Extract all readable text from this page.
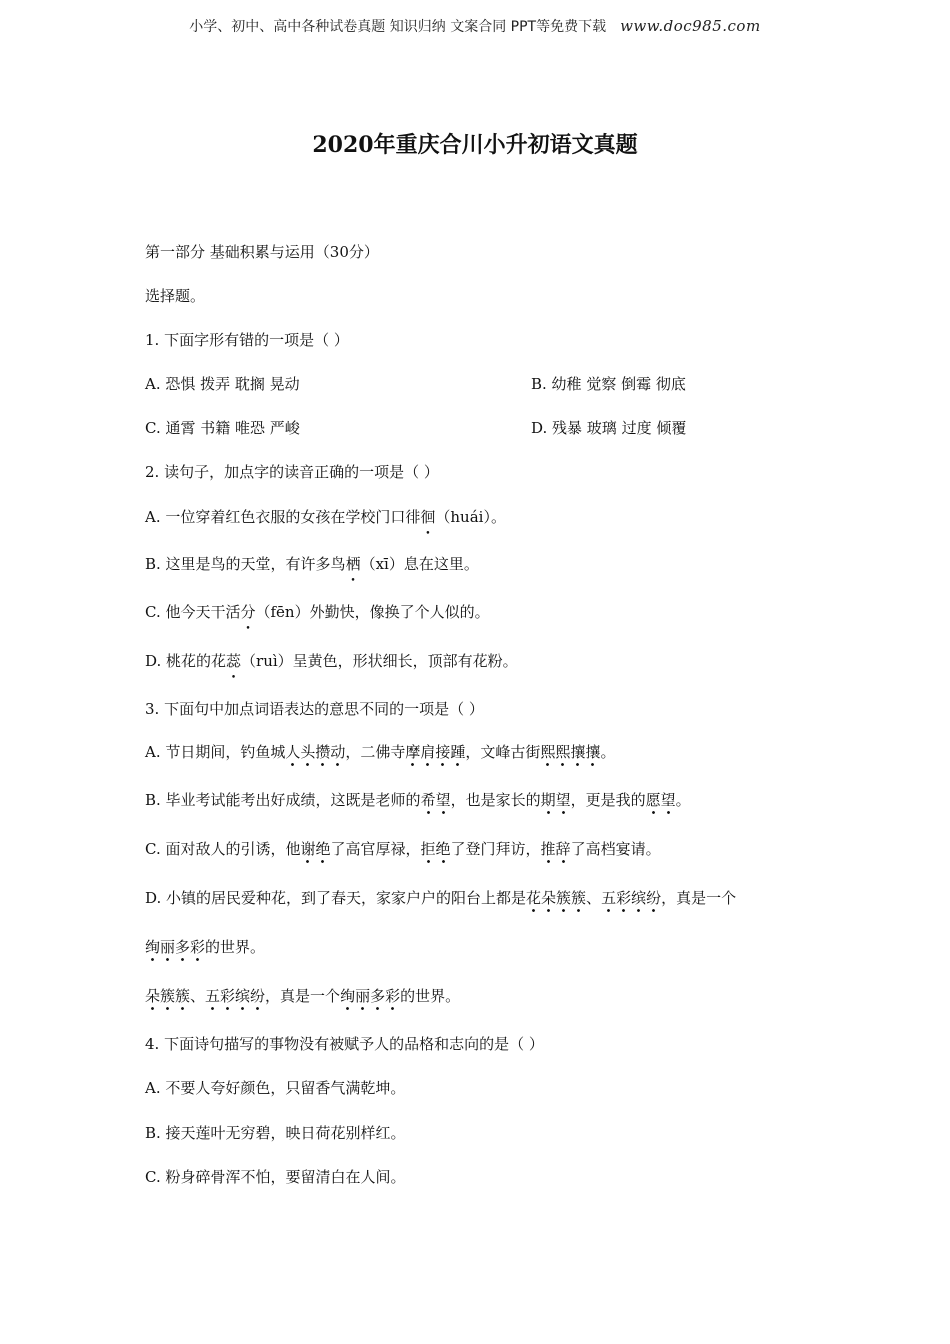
小学、初中、高中各种试卷真题 知识归纳 文案合同 PPT等免费下载 www.doc985.com
2020年重庆合川小升初语文真题
第一部分 基础积累与运用（30分）
选择题。
1. 下面字形有错的一项是（ ）
A. 恐惧 拨弄 耽搁 晃动	B. 幼稚 觉察 倒霉 彻底
C. 通霄 书籍 唯恐 严峻	D. 残暴 玻璃 过度 倾覆
2. 读句子，加点字的读音正确的一项是（ ）
A. 一位穿着红色衣服的女孩在学校门口徘徊（huái）。
B. 这里是鸟的天堂，有许多鸟栖（xī）息在这里。
C. 他今天干活分（fēn）外勤快，像换了个人似的。
D. 桃花的花蕊（ruì）呈黄色，形状细长，顶部有花粉。
3. 下面句中加点词语表达的意思不同的一项是（ ）
A. 节日期间，钓鱼城人头攒动，二佛寺摩肩接踵，文峰古街熙熙攘攘。
B. 毕业考试能考出好成绩，这既是老师的希望，也是家长的期望，更是我的愿望。
C. 面对敌人的引诱，他谢绝了高官厚禄，拒绝了登门拜访，推辞了高档宴请。
D. 小镇的居民爱种花，到了春天，家家户户的阳台上都是花朵簇簇、五彩缤纷，真是一个
绚丽多彩的世界。
朵簇簇、五彩缤纷，真是一个绚丽多彩的世界。
4. 下面诗句描写的事物没有被赋予人的品格和志向的是（ ）
A. 不要人夸好颜色，只留香气满乾坤。
B. 接天莲叶无穷碧，映日荷花别样红。
C. 粉身碎骨浑不怕，要留清白在人间。
